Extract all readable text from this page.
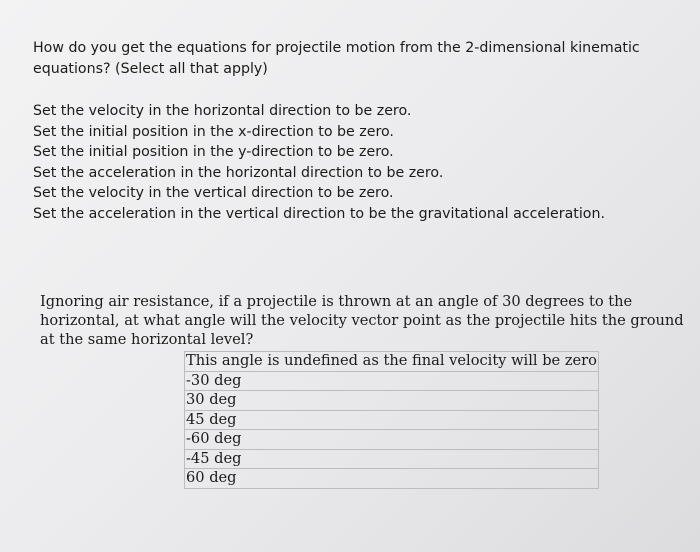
How do you get the equations for projectile motion from the 2-dimensional kinematic equations? (Select all that apply)

Set the velocity in the horizontal direction to be zero.
Set the initial position in the x-direction to be zero.
Set the initial position in the y-direction to be zero.
Set the acceleration in the horizontal direction to be zero.
Set the velocity in the vertical direction to be zero.
Set the acceleration in the vertical direction to be the gravitational acceleration.

Ignoring air resistance, if a projectile is thrown at an angle of 30 degrees to the horizontal, at what angle will the velocity vector point as the projectile hits the ground at the same horizontal level?

This angle is undefined as the final velocity will be zero
-30 deg
30 deg
45 deg
-60 deg
-45 deg
60 deg
